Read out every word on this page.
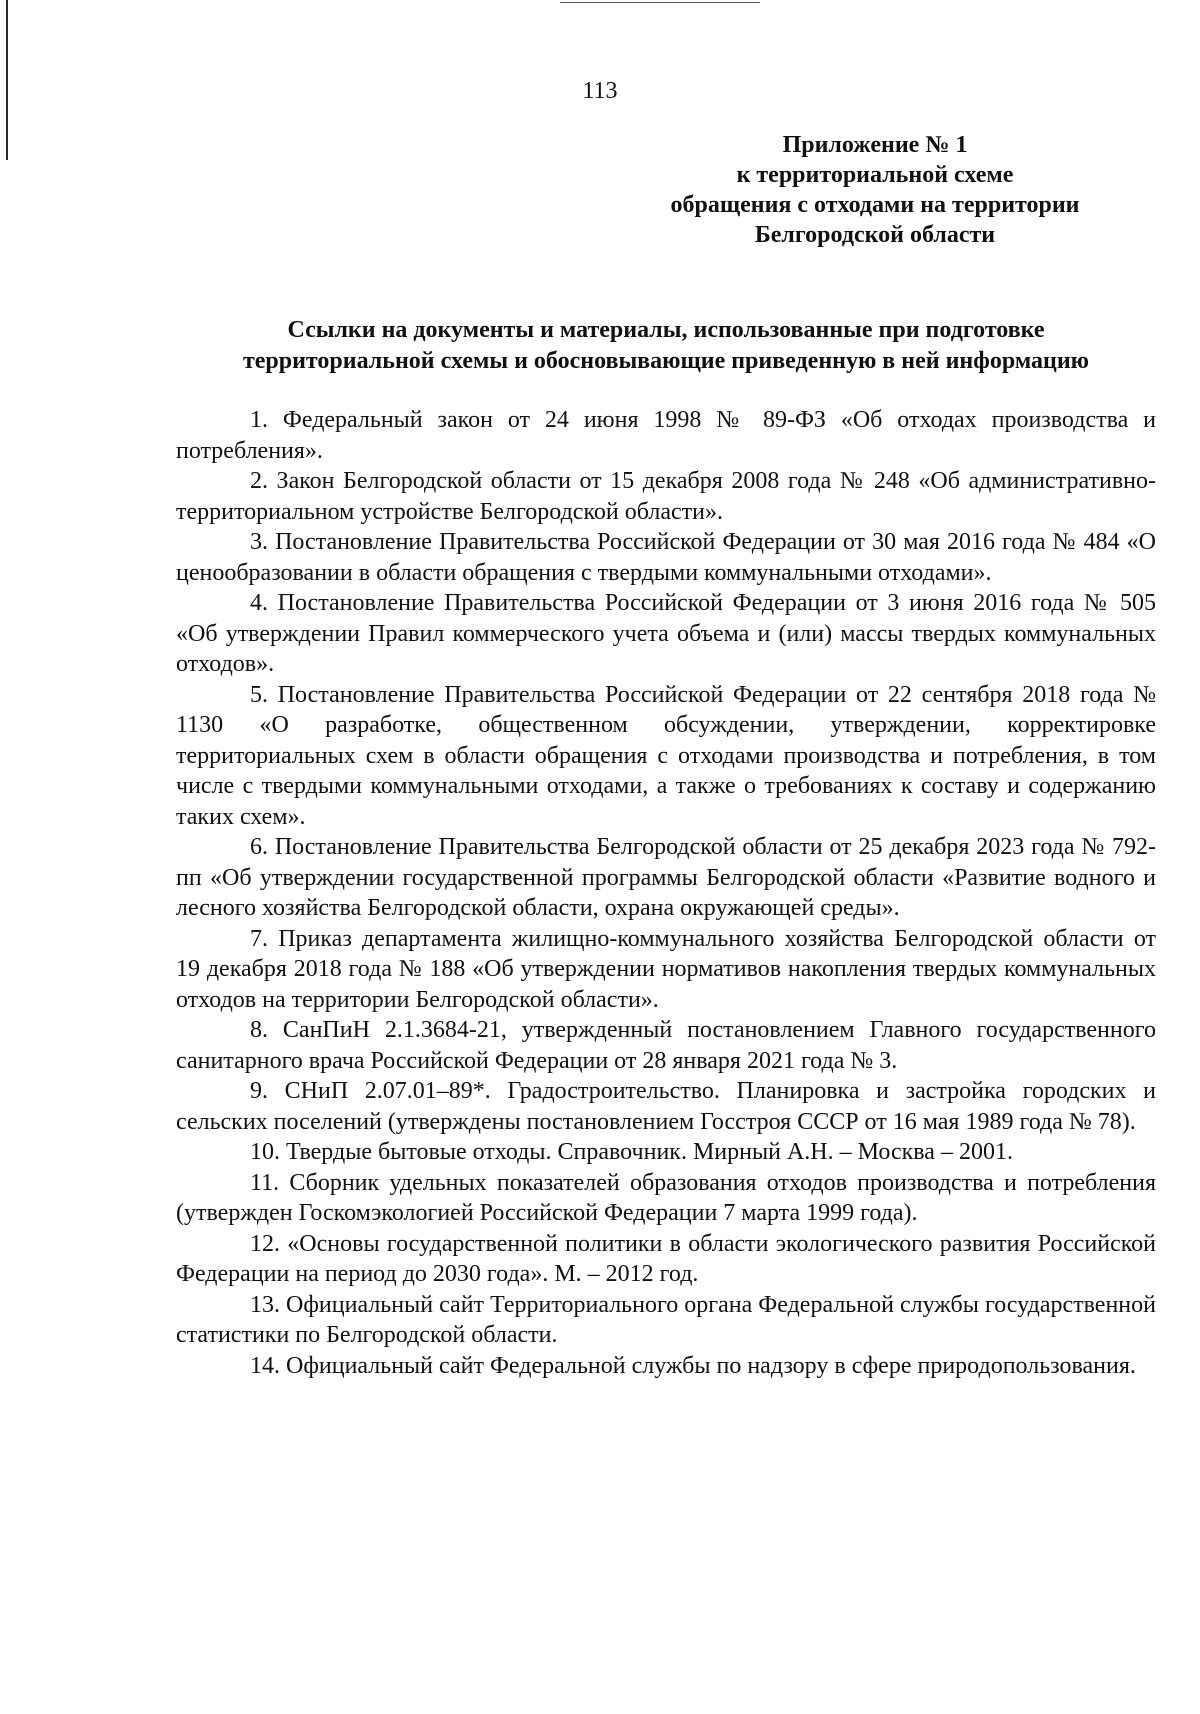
113
Приложение № 1
к территориальной схеме
обращения с отходами на территории
Белгородской области
Ссылки на документы и материалы, использованные при подготовке
территориальной схемы и обосновывающие приведенную в ней информацию

1. Федеральный закон от 24 июня 1998 № 89-ФЗ «Об отходах производства и потребления».

2. Закон Белгородской области от 15 декабря 2008 года № 248 «Об административно-территориальном устройстве Белгородской области».

3. Постановление Правительства Российской Федерации от 30 мая 2016 года № 484 «О ценообразовании в области обращения с твердыми коммунальными отходами».

4. Постановление Правительства Российской Федерации от 3 июня 2016 года № 505 «Об утверждении Правил коммерческого учета объема и (или) массы твердых коммунальных отходов».

5. Постановление Правительства Российской Федерации от 22 сентября 2018 года № 1130 «О разработке, общественном обсуждении, утверждении, корректировке территориальных схем в области обращения с отходами производства и потребления, в том числе с твердыми коммунальными отходами, а также о требованиях к составу и содержанию таких схем».

6. Постановление Правительства Белгородской области от 25 декабря 2023 года № 792-пп «Об утверждении государственной программы Белгородской области «Развитие водного и лесного хозяйства Белгородской области, охрана окружающей среды».

7. Приказ департамента жилищно-коммунального хозяйства Белгородской области от 19 декабря 2018 года № 188 «Об утверждении нормативов накопления твердых коммунальных отходов на территории Белгородской области».

8. СанПиН 2.1.3684-21, утвержденный постановлением Главного государственного санитарного врача Российской Федерации от 28 января 2021 года № 3.

9. СНиП 2.07.01–89*. Градостроительство. Планировка и застройка городских и сельских поселений (утверждены постановлением Госстроя СССР от 16 мая 1989 года № 78).

10. Твердые бытовые отходы. Справочник. Мирный А.Н. – Москва – 2001.

11. Сборник удельных показателей образования отходов производства и потребления (утвержден Госкомэкологией Российской Федерации 7 марта 1999 года).

12. «Основы государственной политики в области экологического развития Российской Федерации на период до 2030 года». М. – 2012 год.

13. Официальный сайт Территориального органа Федеральной службы государственной статистики по Белгородской области.

14. Официальный сайт Федеральной службы по надзору в сфере природопользования.
